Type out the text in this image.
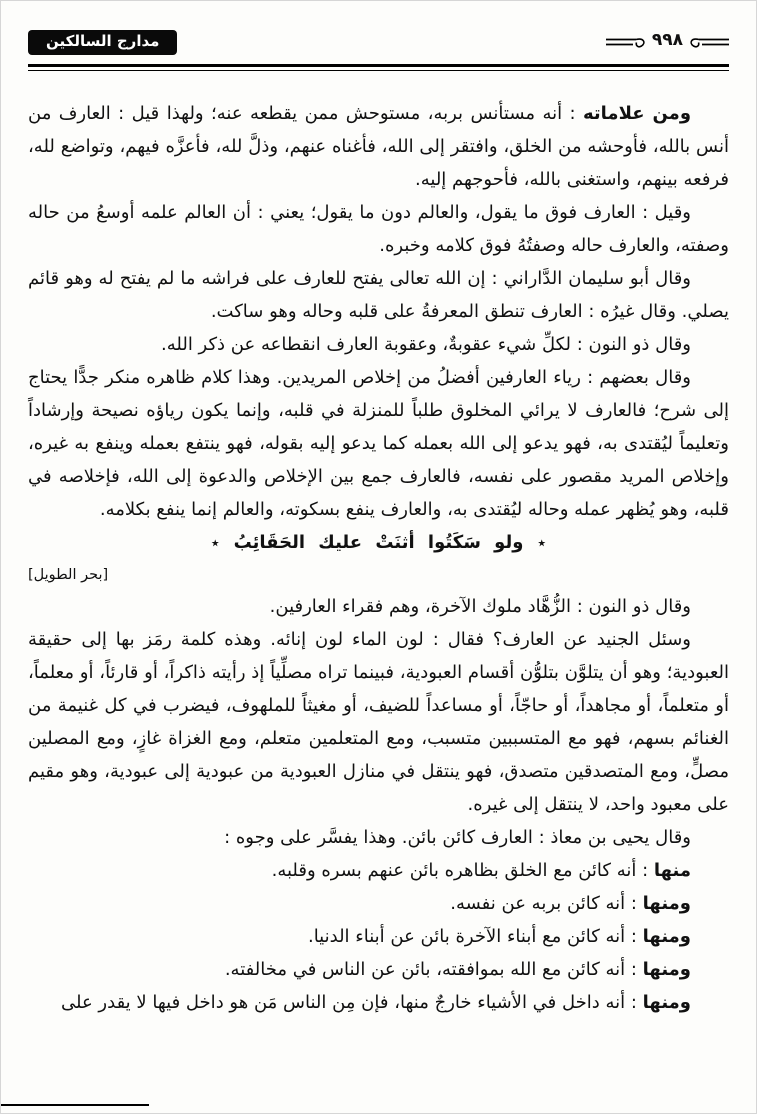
مدارج السالكين	٩٩٨

ومن علاماته : أنه مستأنس بربه، مستوحش ممن يقطعه عنه؛ ولهذا قيل : العارف من أنس بالله، فأوحشه من الخلق، وافتقر إلى الله، فأغناه عنهم، وذلَّ لله، فأعزَّه فيهم، وتواضع لله، فرفعه بينهم، واستغنى بالله، فأحوجهم إليه.

وقيل : العارف فوق ما يقول، والعالم دون ما يقول؛ يعني : أن العالم علمه أوسعُ من حاله وصفته، والعارف حاله وصفتُهُ فوق كلامه وخبره.

وقال أبو سليمان الدَّاراني : إن الله تعالى يفتح للعارف على فراشه ما لم يفتح له وهو قائم يصلي. وقال غيرُه : العارف تنطق المعرفةُ على قلبه وحاله وهو ساكت.

وقال ذو النون : لكلِّ شيء عقوبةٌ، وعقوبة العارف انقطاعه عن ذكر الله.

وقال بعضهم : رياء العارفين أفضلُ من إخلاص المريدين. وهذا كلام ظاهره منكر جدًّا يحتاج إلى شرح؛ فالعارف لا يرائي المخلوق طلباً للمنزلة في قلبه، وإنما يكون رياؤه نصيحة وإرشاداً وتعليماً ليُقتدى به، فهو يدعو إلى الله بعمله كما يدعو إليه بقوله، فهو ينتفع بعمله وينفع به غيره، وإخلاص المريد مقصور على نفسه، فالعارف جمع بين الإخلاص والدعوة إلى الله، فإخلاصه في قلبه، وهو يُظهر عمله وحاله ليُقتدى به، والعارف ينفع بسكوته، والعالم إنما ينفع بكلامه.

٭
ولو سَكَتُوا أثنَتْ عليك الحَقَائِبُ
٭
[بحر الطويل]

وقال ذو النون : الزُّهَّاد ملوك الآخرة، وهم فقراء العارفين.

وسئل الجنيد عن العارف؟ فقال : لون الماء لون إنائه. وهذه كلمة رمَز بها إلى حقيقة العبودية؛ وهو أن يتلوَّن بتلوُّن أقسام العبودية، فبينما تراه مصلِّياً إذ رأيته ذاكراً، أو قارئاً، أو معلماً، أو متعلماً، أو مجاهداً، أو حاجّاً، أو مساعداً للضيف، أو مغيثاً للملهوف، فيضرب في كل غنيمة من الغنائم بسهم، فهو مع المتسببين متسبب، ومع المتعلمين متعلم، ومع الغزاة غازٍ، ومع المصلين مصلٍّ، ومع المتصدقين متصدق، فهو ينتقل في منازل العبودية من عبودية إلى عبودية، وهو مقيم على معبود واحد، لا ينتقل إلى غيره.

وقال يحيى بن معاذ : العارف كائن بائن. وهذا يفسَّر على وجوه :

منها : أنه كائن مع الخلق بظاهره بائن عنهم بسره وقلبه.

ومنها : أنه كائن بربه عن نفسه.

ومنها : أنه كائن مع أبناء الآخرة بائن عن أبناء الدنيا.

ومنها : أنه كائن مع الله بموافقته، بائن عن الناس في مخالفته.

ومنها : أنه داخل في الأشياء خارجٌ منها، فإن مِن الناس مَن هو داخل فيها لا يقدر على
